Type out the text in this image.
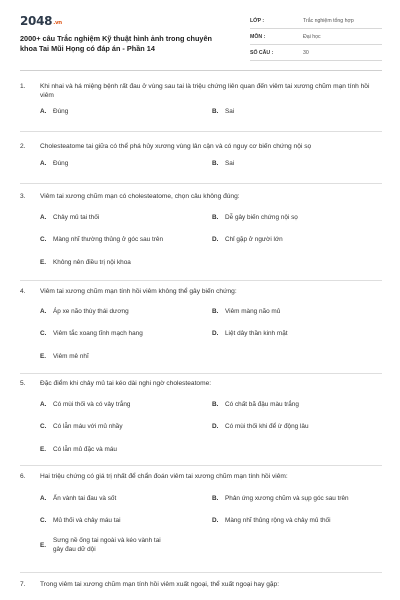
2048.vn
2000+ câu Trắc nghiệm Kỹ thuật hình ảnh trong chuyên khoa Tai Mũi Họng có đáp án - Phần 14
LỚP :	Trắc nghiệm tổng hợp
MÔN :	Đại học
SỐ CÂU :	30
1. Khi nhai và há miệng bệnh rất đau ở vùng sau tai là triệu chứng liên quan đến viêm tai xương chũm mạn tính hồi viêm
A. Đúng	B. Sai
2. Cholesteatome tai giữa có thể phá hủy xương vùng lân cận và có nguy cơ biến chứng nội sọ
A. Đúng	B. Sai
3. Viêm tai xương chũm mạn có cholesteatome, chọn câu không đúng:
A. Chảy mủ tai thối	B. Dễ gây biến chứng nội sọ
C. Màng nhĩ thường thủng ở góc sau trên	D. Chỉ gặp ở người lớn
E. Không nên điều trị nội khoa
4. Viêm tai xương chũm mạn tính hồi viêm không thể gây biến chứng:
A. Áp xe não thùy thái dương	B. Viêm màng não mủ
C. Viêm tắc xoang tĩnh mạch hang	D. Liệt dây thần kinh mặt
E. Viêm mê nhĩ
5. Đặc điểm khi chảy mủ tai kéo dài nghi ngờ cholesteatome:
A. Có mùi thối và có vảy trắng	B. Có chất bã đậu màu trắng
C. Có lẫn máu với mủ nhầy	D. Có mùi thối khi để ừ động lâu
E. Có lẫn mủ đặc và máu
6. Hai triệu chứng có giá trị nhất để chẩn đoán viêm tai xương chũm mạn tính hồi viêm:
A. Ấn vành tai đau và sốt	B. Phản ứng xương chũm và sụp góc sau trên
C. Mủ thối và chảy máu tai	D. Màng nhĩ thủng rộng và chảy mủ thối
E.
Sưng nề ống tai ngoài và kéo vành tai gây đau dữ dội
7. Trong viêm tai xương chũm mạn tính hồi viêm xuất ngoại, thể xuất ngoại hay gặp:
